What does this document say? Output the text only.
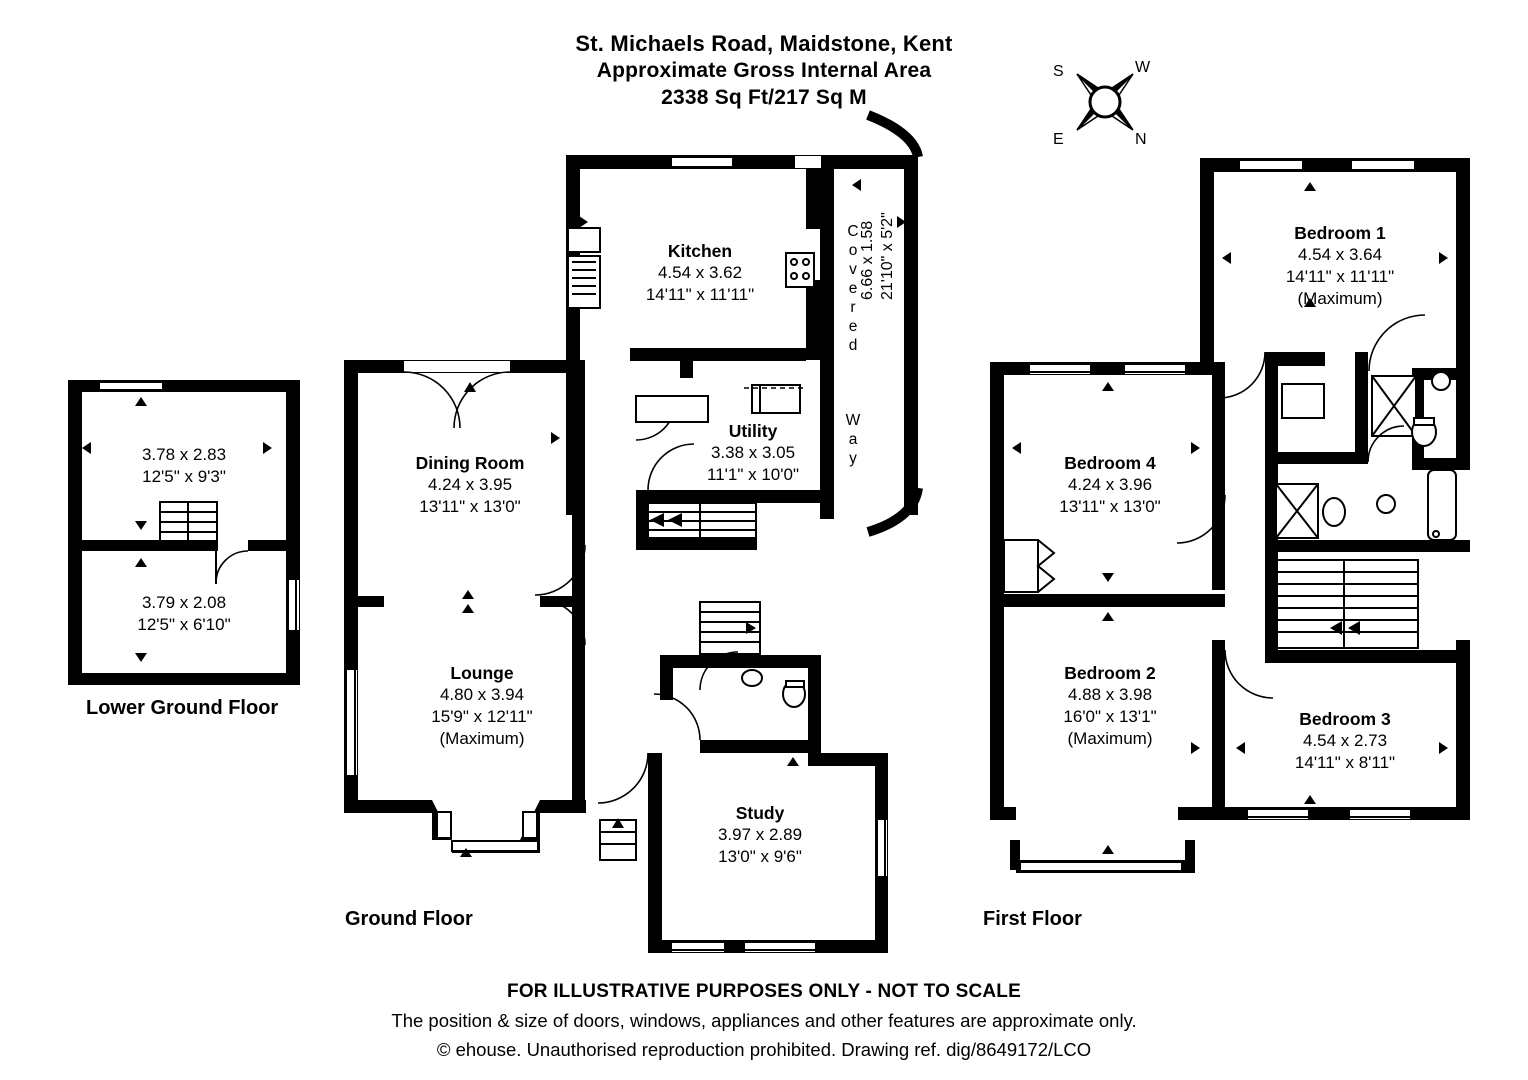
St. Michaels Road, Maidstone, Kent
Approximate Gross Internal Area
2338 Sq Ft/217 Sq M
N
S
E
W
3.78 x 2.83
12'5" x 9'3"
3.79 x 2.08
12'5" x 6'10"
Kitchen
4.54 x 3.62
14'11" x 11'11"
Dining Room
4.24 x 3.95
13'11" x 13'0"
Utility
3.38 x 3.05
11'1" x 10'0"
Lounge
4.80 x 3.94
15'9" x 12'11"
(Maximum)
Study
3.97 x 2.89
13'0" x 9'6"
C
o
v
e
r
e
d

W
a
y
6.66 x 1.58 21'10" x 5'2"	Bedroom 1
4.54 x 3.64
14'11" x 11'11"
(Maximum)
Bedroom 4
4.24 x 3.96
13'11" x 13'0"
Bedroom 2
4.88 x 3.98
16'0" x 13'1"
(Maximum)
Bedroom 3
4.54 x 2.73
14'11" x 8'11"
Lower Ground Floor
Ground Floor	First Floor
FOR ILLUSTRATIVE PURPOSES ONLY - NOT TO SCALE
The position & size of doors, windows, appliances and other features are approximate only.
© ehouse. Unauthorised reproduction prohibited. Drawing ref. dig/8649172/LCO
